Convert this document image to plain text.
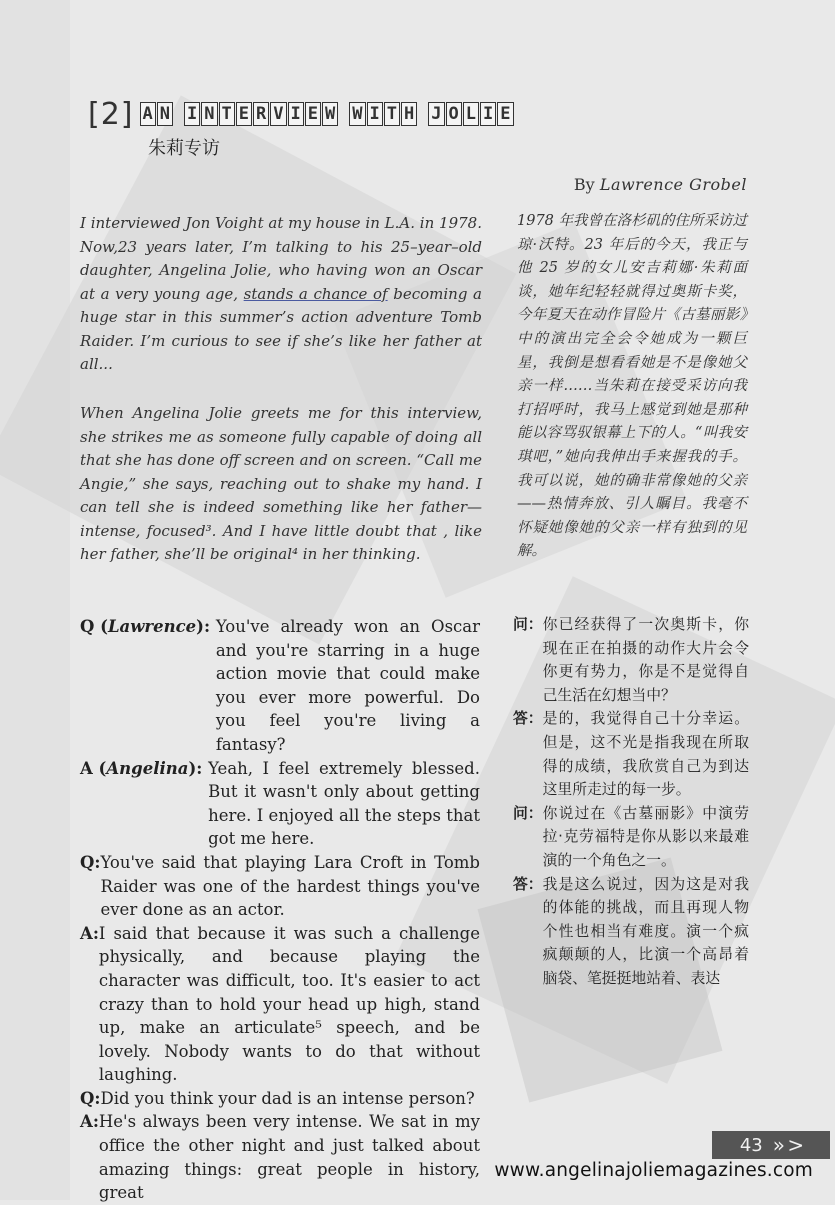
[2] A N I N T E R V I E W W I T H J O L I E
朱莉专访
By Lawrence Grobel

I interviewed Jon Voight at my house in L.A. in 1978. Now,23 years later, I’m talking to his 25–year–old daughter, Angelina Jolie, who having won an Oscar at a very young age, stands a chance of becoming a huge star in this summer’s action adventure Tomb Raider. I’m curious to see if she’s like her father at all...

When Angelina Jolie greets me for this interview, she strikes me as someone fully capable of doing all that she has done off screen and on screen. “Call me Angie,” she says, reaching out to shake my hand. I can tell she is indeed something like her father—intense, focused³. And I have little doubt that , like her father, she’ll be original⁴ in her thinking.

1978 年我曾在洛杉矶的住所采访过琼·沃特。23 年后的今天，我正与他 25 岁的女儿安吉莉娜·朱莉面谈，她年纪轻轻就得过奥斯卡奖，今年夏天在动作冒险片《古墓丽影》中的演出完全会令她成为一颗巨星，我倒是想看看她是不是像她父亲一样……当朱莉在接受采访向我打招呼时，我马上感觉到她是那种能以容骂驭银幕上下的人。“叫我安琪吧，”她向我伸出手来握我的手。我可以说，她的确非常像她的父亲——热情奔放、引人瞩目。我毫不怀疑她像她的父亲一样有独到的见解。

Q (Lawrence): You've already won an Oscar and you're starring in a huge action movie that could make you ever more powerful. Do you feel you're living a fantasy?
A (Angelina): Yeah, I feel extremely blessed. But it wasn't only about getting here. I enjoyed all the steps that got me here.
Q: You've said that playing Lara Croft in Tomb Raider was one of the hardest things you've ever done as an actor.
A: I said that because it was such a challenge physically, and because playing the character was difficult, too. It's easier to act crazy than to hold your head up high, stand up, make an articulate⁵ speech, and be lovely. Nobody wants to do that without laughing.
Q: Did you think your dad is an intense person?
A: He's always been very intense. We sat in my office the other night and just talked about amazing things: great people in history, great
问： 你已经获得了一次奥斯卡，你现在正在拍摄的动作大片会令你更有势力，你是不是觉得自己生活在幻想当中？
答： 是的，我觉得自己十分幸运。但是，这不光是指我现在所取得的成绩，我欣赏自己为到达这里所走过的每一步。
问： 你说过在《古墓丽影》中演劳拉·克劳福特是你从影以来最难演的一个角色之一。
答： 我是这么说过，因为这是对我的体能的挑战，而且再现人物个性也相当有难度。演一个疯疯颠颠的人，比演一个高昂着脑袋、笔挺挺地站着、表达
43 » >
www.angelinajoliemagazines.com
